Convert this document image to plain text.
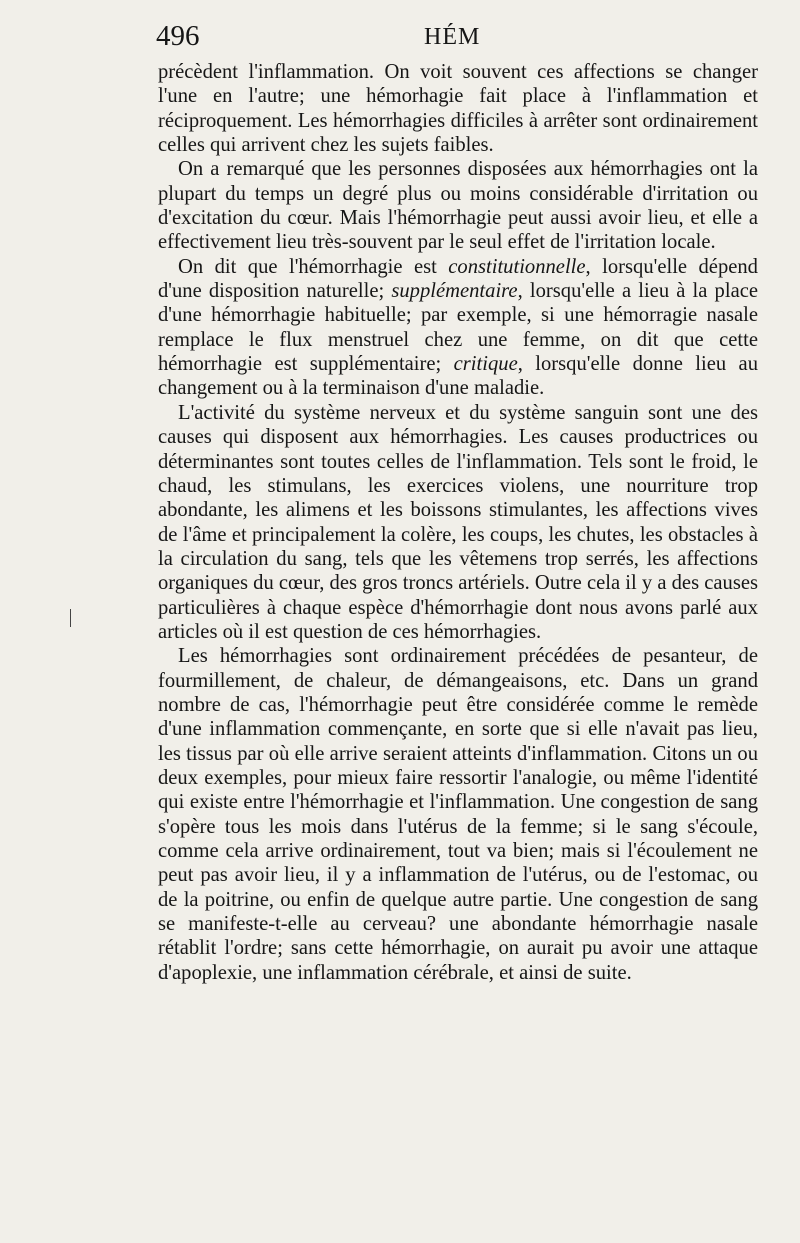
496	HÉM

précèdent l'inflammation. On voit souvent ces affections se changer l'une en l'autre; une hémorhagie fait place à l'inflammation et réciproquement. Les hémorrhagies difficiles à arrêter sont ordinairement celles qui arrivent chez les sujets faibles.

On a remarqué que les personnes disposées aux hémorrhagies ont la plupart du temps un degré plus ou moins considérable d'irritation ou d'excitation du cœur. Mais l'hémorrhagie peut aussi avoir lieu, et elle a effectivement lieu très-souvent par le seul effet de l'irritation locale.

On dit que l'hémorrhagie est constitutionnelle, lorsqu'elle dépend d'une disposition naturelle; supplémentaire, lorsqu'elle a lieu à la place d'une hémorrhagie habituelle; par exemple, si une hémorragie nasale remplace le flux menstruel chez une femme, on dit que cette hémorrhagie est supplémentaire; critique, lorsqu'elle donne lieu au changement ou à la terminaison d'une maladie.

L'activité du système nerveux et du système sanguin sont une des causes qui disposent aux hémorrhagies. Les causes productrices ou déterminantes sont toutes celles de l'inflammation. Tels sont le froid, le chaud, les stimulans, les exercices violens, une nourriture trop abondante, les alimens et les boissons stimulantes, les affections vives de l'âme et principalement la colère, les coups, les chutes, les obstacles à la circulation du sang, tels que les vêtemens trop serrés, les affections organiques du cœur, des gros troncs artériels. Outre cela il y a des causes particulières à chaque espèce d'hémorrhagie dont nous avons parlé aux articles où il est question de ces hémorrhagies.

Les hémorrhagies sont ordinairement précédées de pesanteur, de fourmillement, de chaleur, de démangeaisons, etc. Dans un grand nombre de cas, l'hémorrhagie peut être considérée comme le remède d'une inflammation commençante, en sorte que si elle n'avait pas lieu, les tissus par où elle arrive seraient atteints d'inflammation. Citons un ou deux exemples, pour mieux faire ressortir l'analogie, ou même l'identité qui existe entre l'hémorrhagie et l'inflammation. Une congestion de sang s'opère tous les mois dans l'utérus de la femme; si le sang s'écoule, comme cela arrive ordinairement, tout va bien; mais si l'écoulement ne peut pas avoir lieu, il y a inflammation de l'utérus, ou de l'estomac, ou de la poitrine, ou enfin de quelque autre partie. Une congestion de sang se manifeste-t-elle au cerveau? une abondante hémorrhagie nasale rétablit l'ordre; sans cette hémorrhagie, on aurait pu avoir une attaque d'apoplexie, une inflammation cérébrale, et ainsi de suite.
